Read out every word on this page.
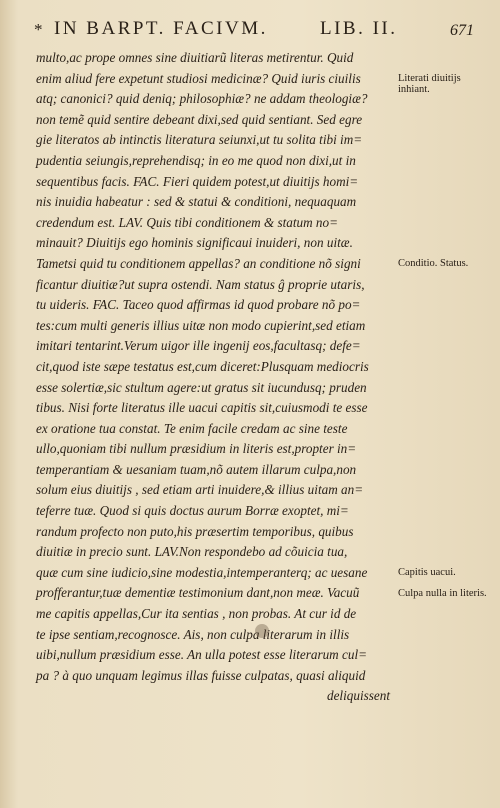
* IN BARPT. FACIVM.	LIB. II.	671
multo,ac prope omnes sine diuitiarũ literas metirentur. Quid
enim aliud fere expetunt studiosi medicinæ? Quid iuris ciuilis
atq; canonici? quid deniq; philosophiæ? ne addam theologiæ?
non temẽ quid sentire debeant dixi,sed quid sentiant. Sed egre
gie literatos ab intinctis literatura seiunxi,ut tu solita tibi im=
pudentia seiungis,reprehendisq; in eo me quod non dixi,ut in
sequentibus facis. FAC. Fieri quidem potest,ut diuitijs homi=
nis inuidia habeatur : sed & statui & conditioni, nequaquam
credendum est. LAV. Quis tibi conditionem & statum no=
minauit? Diuitijs ego hominis significaui inuideri, non uitæ.
Tametsi quid tu conditionem appellas? an conditione nõ signi
ficantur diuitiæ?ut supra ostendi. Nam status ĝ proprie utaris,
tu uideris. FAC. Taceo quod affirmas id quod probare nõ po=
tes:cum multi generis illius uitæ non modo cupierint,sed etiam
imitari tentarint.Verum uigor ille ingenij eos,facultasq; defe=
cit,quod iste sæpe testatus est,cum diceret:Plusquam mediocris
esse solertiæ,sic stultum agere:ut gratus sit iucundusq; pruden
tibus. Nisi forte literatus ille uacui capitis sit,cuiusmodi te esse
ex oratione tua constat. Te enim facile credam ac sine teste
ullo,quoniam tibi nullum præsidium in literis est,propter in=
temperantiam & uesaniam tuam,nõ autem illarum culpa,non
solum eius diuitijs , sed etiam arti inuidere,& illius uitam an=
teferre tuæ. Quod si quis doctus aurum Borræ exoptet, mi=
randum profecto non puto,his præsertim temporibus, quibus
diuitiæ in precio sunt. LAV.Non respondebo ad cõuicia tua,
quæ cum sine iudicio,sine modestia,intemperanterq; ac uesane
profferantur,tuæ dementiæ testimonium dant,non meæ. Vacuũ
me capitis appellas,Cur ita sentias , non probas. At cur id de
te ipse sentiam,recognosce. Ais, non culpa literarum in illis
uibi,nullum præsidium esse. An ulla potest esse literarum cul=
pa ? à quo unquam legimus illas fuisse culpatas, quasi aliquid
deliquissent
Literati diuitijs inhiant.
Conditio. Status.
Capitis uacui.
Culpa nulla in literis.
